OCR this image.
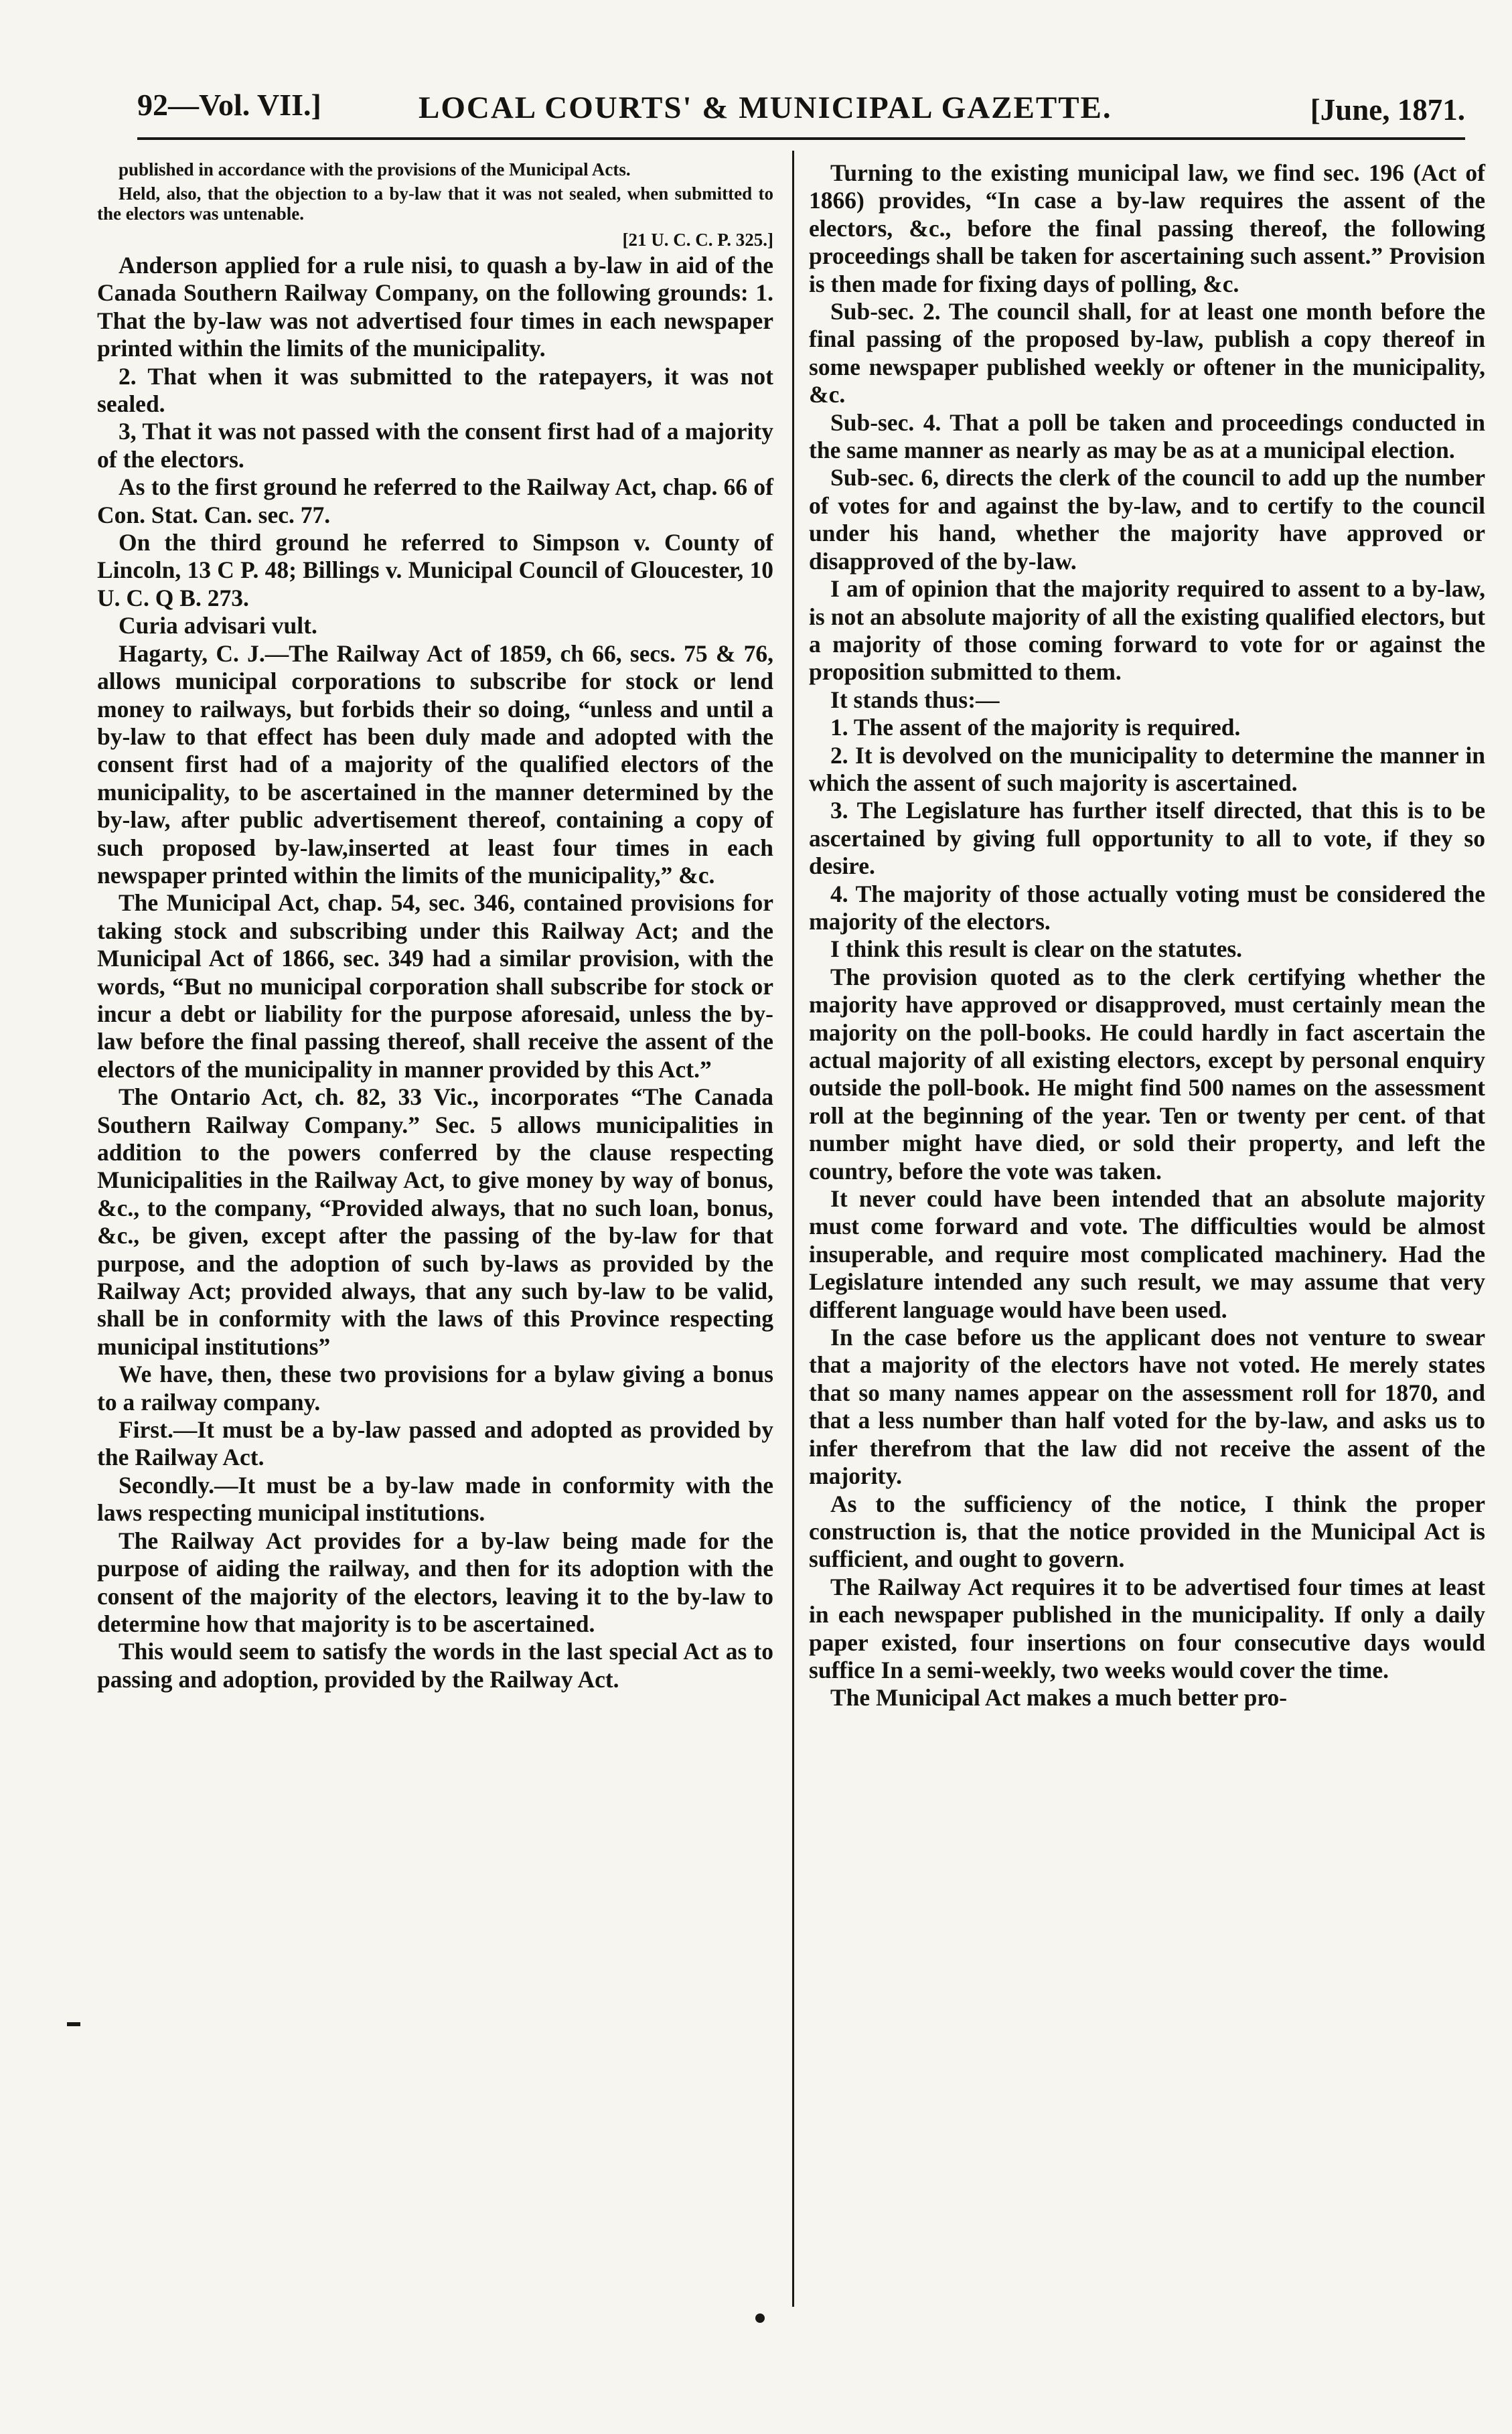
92—Vol. VII.]	LOCAL COURTS' & MUNICIPAL GAZETTE.	[June, 1871.

published in accordance with the provisions of the Municipal Acts.

Held, also, that the objection to a by-law that it was not sealed, when submitted to the electors was untenable.

[21 U. C. C. P. 325.]

Anderson applied for a rule nisi, to quash a by-law in aid of the Canada Southern Railway Company, on the following grounds: 1. That the by-law was not advertised four times in each newspaper printed within the limits of the municipality.

2. That when it was submitted to the ratepayers, it was not sealed.

3, That it was not passed with the consent first had of a majority of the electors.

As to the first ground he referred to the Railway Act, chap. 66 of Con. Stat. Can. sec. 77.

On the third ground he referred to Simpson v. County of Lincoln, 13 C P. 48; Billings v. Municipal Council of Gloucester, 10 U. C. Q B. 273.

Curia advisari vult.

Hagarty, C. J.—The Railway Act of 1859, ch 66, secs. 75 & 76, allows municipal corporations to subscribe for stock or lend money to railways, but forbids their so doing, “unless and until a by-law to that effect has been duly made and adopted with the consent first had of a majority of the qualified electors of the municipality, to be ascertained in the manner determined by the by-law, after public advertisement thereof, containing a copy of such proposed by-law,inserted at least four times in each newspaper printed within the limits of the municipality,” &c.

The Municipal Act, chap. 54, sec. 346, contained provisions for taking stock and subscribing under this Railway Act; and the Municipal Act of 1866, sec. 349 had a similar provision, with the words, “But no municipal corporation shall subscribe for stock or incur a debt or liability for the purpose aforesaid, unless the by-law before the final passing thereof, shall receive the assent of the electors of the municipality in manner provided by this Act.”

The Ontario Act, ch. 82, 33 Vic., incorporates “The Canada Southern Railway Company.” Sec. 5 allows municipalities in addition to the powers conferred by the clause respecting Municipalities in the Railway Act, to give money by way of bonus, &c., to the company, “Provided always, that no such loan, bonus, &c., be given, except after the passing of the by-law for that purpose, and the adoption of such by-laws as provided by the Railway Act; provided always, that any such by-law to be valid, shall be in conformity with the laws of this Province respecting municipal institutions”

We have, then, these two provisions for a bylaw giving a bonus to a railway company.

First.—It must be a by-law passed and adopted as provided by the Railway Act.

Secondly.—It must be a by-law made in conformity with the laws respecting municipal institutions.

The Railway Act provides for a by-law being made for the purpose of aiding the railway, and then for its adoption with the consent of the majority of the electors, leaving it to the by-law to determine how that majority is to be ascertained.

This would seem to satisfy the words in the last special Act as to passing and adoption, provided by the Railway Act.

Turning to the existing municipal law, we find sec. 196 (Act of 1866) provides, “In case a by-law requires the assent of the electors, &c., before the final passing thereof, the following proceedings shall be taken for ascertaining such assent.” Provision is then made for fixing days of polling, &c.

Sub-sec. 2. The council shall, for at least one month before the final passing of the proposed by-law, publish a copy thereof in some newspaper published weekly or oftener in the municipality, &c.

Sub-sec. 4. That a poll be taken and proceedings conducted in the same manner as nearly as may be as at a municipal election.

Sub-sec. 6, directs the clerk of the council to add up the number of votes for and against the by-law, and to certify to the council under his hand, whether the majority have approved or disapproved of the by-law.

I am of opinion that the majority required to assent to a by-law, is not an absolute majority of all the existing qualified electors, but a majority of those coming forward to vote for or against the proposition submitted to them.

It stands thus:—

1. The assent of the majority is required.

2. It is devolved on the municipality to determine the manner in which the assent of such majority is ascertained.

3. The Legislature has further itself directed, that this is to be ascertained by giving full opportunity to all to vote, if they so desire.

4. The majority of those actually voting must be considered the majority of the electors.

I think this result is clear on the statutes.

The provision quoted as to the clerk certifying whether the majority have approved or disapproved, must certainly mean the majority on the poll-books. He could hardly in fact ascertain the actual majority of all existing electors, except by personal enquiry outside the poll-book. He might find 500 names on the assessment roll at the beginning of the year. Ten or twenty per cent. of that number might have died, or sold their property, and left the country, before the vote was taken.

It never could have been intended that an absolute majority must come forward and vote. The difficulties would be almost insuperable, and require most complicated machinery. Had the Legislature intended any such result, we may assume that very different language would have been used.

In the case before us the applicant does not venture to swear that a majority of the electors have not voted. He merely states that so many names appear on the assessment roll for 1870, and that a less number than half voted for the by-law, and asks us to infer therefrom that the law did not receive the assent of the majority.

As to the sufficiency of the notice, I think the proper construction is, that the notice provided in the Municipal Act is sufficient, and ought to govern.

The Railway Act requires it to be advertised four times at least in each newspaper published in the municipality. If only a daily paper existed, four insertions on four consecutive days would suffice In a semi-weekly, two weeks would cover the time.

The Municipal Act makes a much better pro-
